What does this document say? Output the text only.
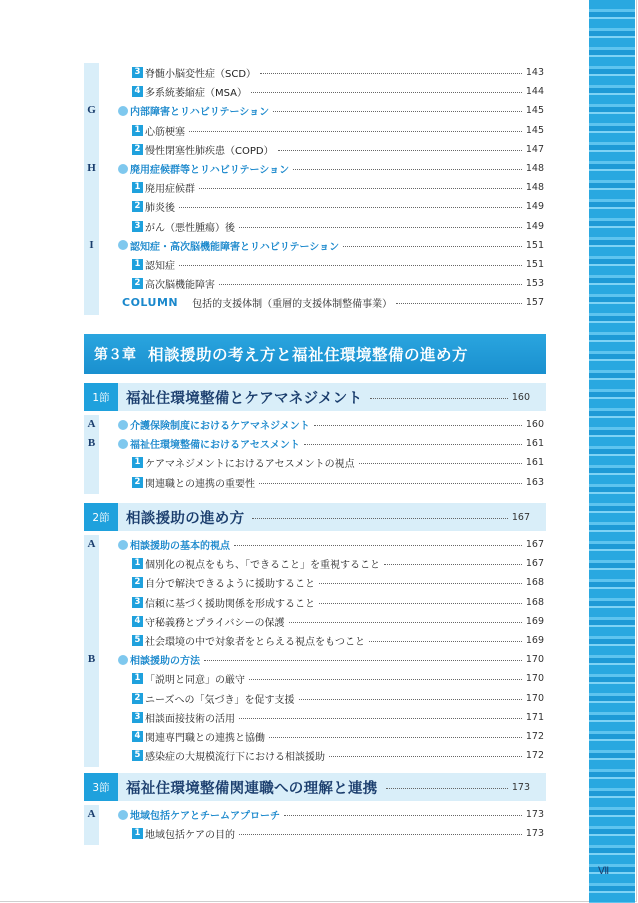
Ⅶ
3 脊髄小脳変性症（SCD）	143
4 多系統萎縮症（MSA）	144
G	内部障害とリハビリテーション	145
1 心筋梗塞	145
2 慢性閉塞性肺疾患（COPD）	147
H	廃用症候群等とリハビリテーション	148
1 廃用症候群	148
2 肺炎後	149
3 がん（悪性腫瘍）後	149
I	認知症・高次脳機能障害とリハビリテーション	151
1 認知症	151
2 高次脳機能障害	153
COLUMN 包括的支援体制（重層的支援体制整備事業）	157
1節	福祉住環境整備とケアマネジメント	160
A	介護保険制度におけるケアマネジメント	160
B	福祉住環境整備におけるアセスメント	161
1 ケアマネジメントにおけるアセスメントの視点	161
2 関連職との連携の重要性	163
2節	相談援助の進め方	167
A	相談援助の基本的視点	167
1 個別化の視点をもち、「できること」を重視すること	167
2 自分で解決できるように援助すること	168
3 信頼に基づく援助関係を形成すること	168
4 守秘義務とプライバシーの保護	169
5 社会環境の中で対象者をとらえる視点をもつこと	169
B	相談援助の方法	170
1 「説明と同意」の厳守	170
2 ニーズへの「気づき」を促す支援	170
3 相談面接技術の活用	171
4 関連専門職との連携と協働	172
5 感染症の大規模流行下における相談援助	172
3節	福祉住環境整備関連職への理解と連携	173
A	地域包括ケアとチームアプローチ	173
1 地域包括ケアの目的	173
第３章 相談援助の考え方と福祉住環境整備の進め方
